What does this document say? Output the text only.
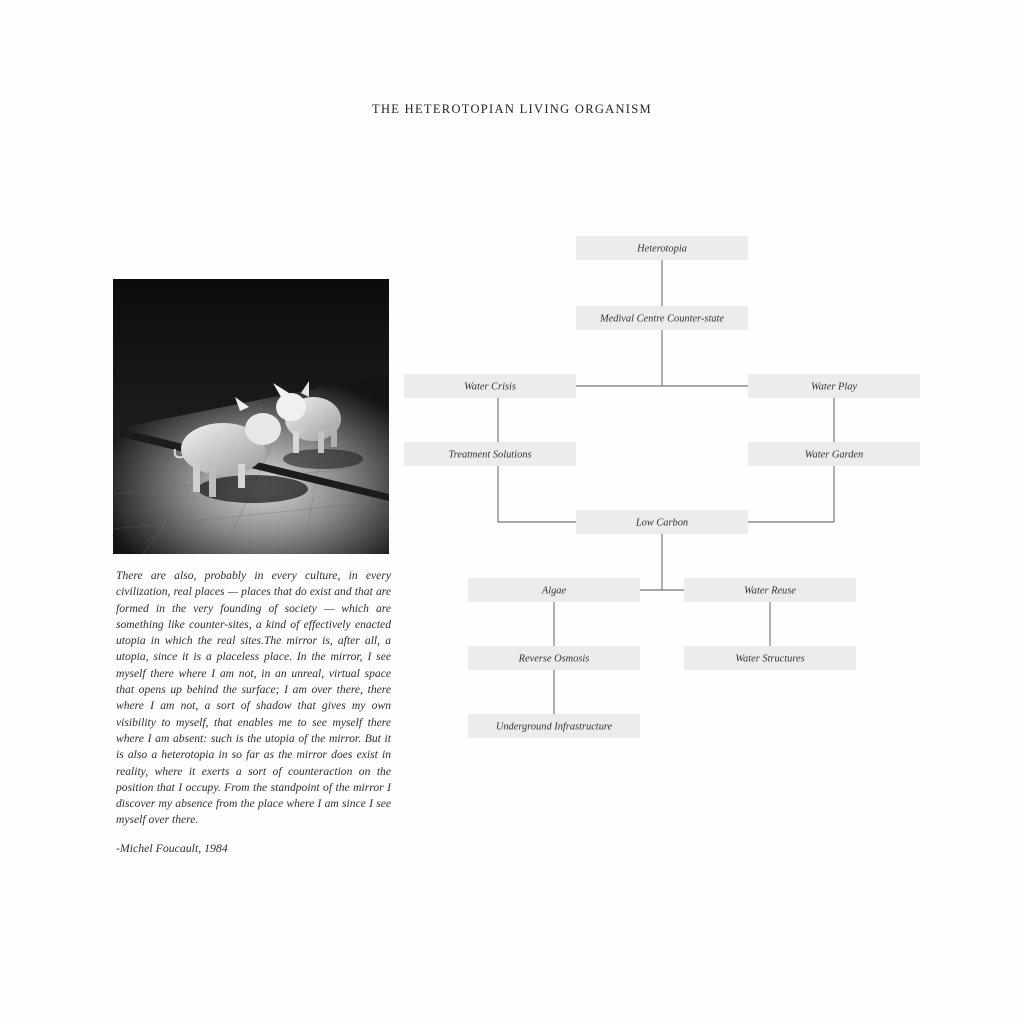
THE HETEROTOPIAN LIVING ORGANISM

There are also, probably in every culture, in every civilization, real places — places that do exist and that are formed in the very founding of society — which are something like counter-sites, a kind of effectively enacted utopia in which the real sites.The mirror is, after all, a utopia, since it is a placeless place. In the mirror, I see myself there where I am not, in an unreal, virtual space that opens up behind the surface; I am over there, there where I am not, a sort of shadow that gives my own visibility to myself, that enables me to see myself there where I am absent: such is the utopia of the mirror. But it is also a heterotopia in so far as the mirror does exist in reality, where it exerts a sort of counteraction on the position that I occupy. From the standpoint of the mirror I discover my absence from the place where I am since I see myself over there.

-Michel Foucault, 1984
Heterotopia
Medival Centre Counter-state
Water Crisis	Water Play
Treatment Solutions	Water Garden
Low Carbon
Algae	Water Reuse
Reverse Osmosis	Water Structures
Underground Infrastructure
